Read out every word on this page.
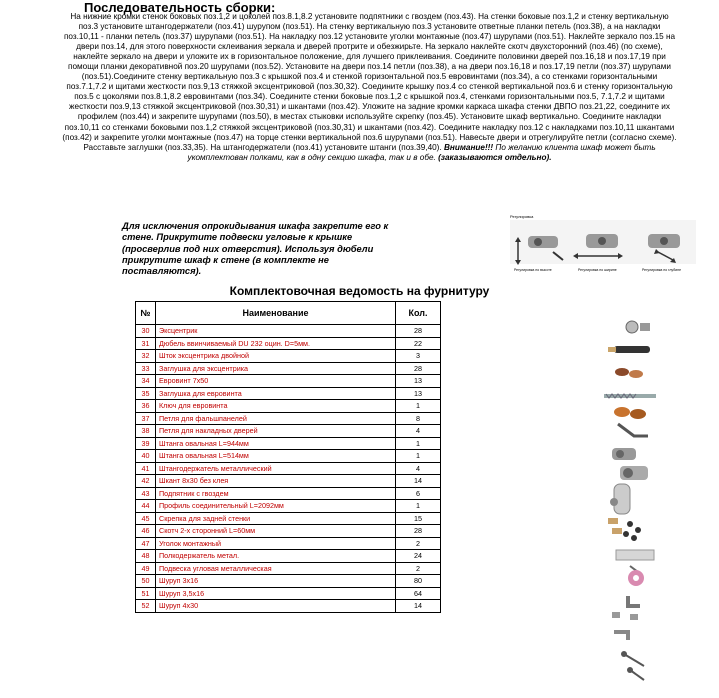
Последовательность сборки:
На нижние кромки стенок боковых поз.1,2 и цоколей поз.8.1,8.2 установите подпятники с гвоздем (поз.43). На стенки боковые поз.1,2 и стенку вертикальную поз.3 установите штангодержатели (поз.41) шурупом (поз.51). На стенку вертикальную поз.3 установите ответные планки петель (поз.38), а на накладки поз.10,11 - планки петель (поз.37) шурупами (поз.51). На накладку поз.12 установите уголки монтажные (поз.47) шурупами (поз.51). Наклейте зеркало поз.15 на двери поз.14, для этого поверхности склеивания зеркала и дверей протрите и обезжирьте. На зеркало наклейте скотч двухсторонний (поз.46) (по схеме), наклейте зеркало на двери и уложите их в горизонтальное положение, для лучшего приклеивания. Соедините половинки дверей поз.16,18 и поз.17,19 при помощи планки декоративной поз.20 шурупами (поз.52). Установите на двери поз.14 петли (поз.38), а на двери поз.16,18 и поз.17,19 петли (поз.37) шурупами (поз.51).Соедините стенку вертикальную поз.3 с крышкой поз.4 и стенкой горизонтальной поз.5 евровинтами (поз.34), а со стенками горизонтальными поз.7.1,7.2 и щитами жесткости поз.9,13 стяжкой эксцентриковой (поз.30,32). Соедините крышку поз.4 со стенкой вертикальной поз.6 и стенку горизонтальную поз.5 с цоколями поз.8.1,8.2 евровинтами (поз.34). Соедините стенки боковые поз.1,2 с крышкой поз.4, стенками горизонтальными поз.5, 7.1,7.2 и щитами жесткости поз.9,13 стяжкой эксцентриковой (поз.30,31) и шкантами (поз.42). Уложите на задние кромки каркаса шкафа стенки ДВПО поз.21,22, соедините их профилем (поз.44) и закрепите шурупами (поз.50), в местах стыковки используйте скрепку (поз.45). Установите шкаф вертикально. Соедините накладки поз.10,11 со стенками боковыми поз.1,2 стяжкой эксцентриковой (поз.30,31) и шкантами (поз.42). Соедините накладку поз.12 с накладками поз.10,11 шкантами (поз.42) и закрепите уголки монтажные (поз.47) на торце стенки вертикальной поз.6 шурупами (поз.51). Навесьте двери и отрегулируйте петли (согласно схеме). Расставьте заглушки (поз.33,35). На штангодержатели (поз.41) установите штанги (поз.39,40). Внимание!!! По желанию клиента шкаф может быть укомплектован полками, как в одну секцию шкафа, так и в обе. (заказываются отдельно).
Для исключения опрокидывания шкафа закрепите его к стене. Прикрутите подвески угловые к крышке (просверлив под них отверстия). Используя дюбели прикрутите шкаф к стене (в комплекте не поставляются).
Регулировка
Регулировка по высоте	Регулировка по ширине	Регулировка по глубине
Комплектовочная ведомость на фурнитуру
№	Наименование	Кол.
30	Эксцентрик	28
31	Дюбель ввинчиваемый DU 232 оцин. D=5мм.	22
32	Шток эксцентрика двойной	3
33	Заглушка для эксцентрика	28
34	Евровинт 7х50	13
35	Заглушка для евровинта	13
36	Ключ для евровинта	1
37	Петля для фальшпанелей	8
38	Петля для накладных дверей	4
39	Штанга овальная L=944мм	1
40	Штанга овальная L=514мм	1
41	Штангодержатель металлический	4
42	Шкант 8х30 без клея	14
43	Подпятник с гвоздем	6
44	Профиль соединительный L=2092мм	1
45	Скрепка для задней стенки	15
46	Скотч 2-х сторонний L=60мм	28
47	Уголок монтажный	2
48	Полкодержатель метал.	24
49	Подвеска угловая металлическая	2
50	Шуруп 3х16	80
51	Шуруп 3,5х16	64
52	Шуруп 4х30	14
